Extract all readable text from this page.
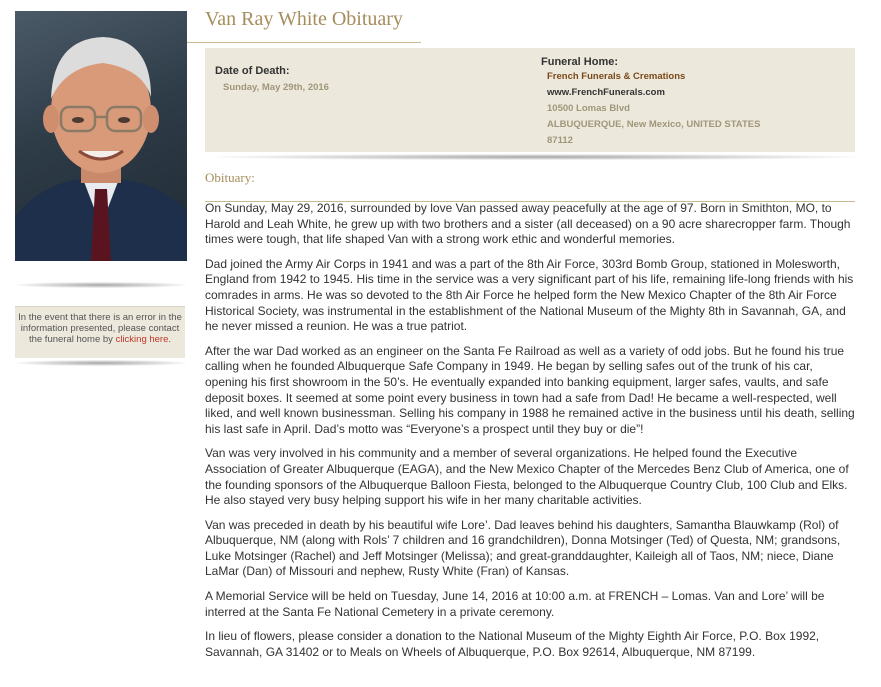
In the event that there is an error in the information presented, please contact the funeral home by clicking here.
Van Ray White Obituary
Date of Death:
Sunday, May 29th, 2016
Funeral Home:
French Funerals & Cremations
www.FrenchFunerals.com
10500 Lomas Blvd
ALBUQUERQUE, New Mexico, UNITED STATES
87112
Obituary:

On Sunday, May 29, 2016, surrounded by love Van passed away peacefully at the age of 97. Born in Smithton, MO, to Harold and Leah White, he grew up with two brothers and a sister (all deceased) on a 90 acre sharecropper farm. Though times were tough, that life shaped Van with a strong work ethic and wonderful memories.

Dad joined the Army Air Corps in 1941 and was a part of the 8th Air Force, 303rd Bomb Group, stationed in Molesworth, England from 1942 to 1945. His time in the service was a very significant part of his life, remaining life-long friends with his comrades in arms. He was so devoted to the 8th Air Force he helped form the New Mexico Chapter of the 8th Air Force Historical Society, was instrumental in the establishment of the National Museum of the Mighty 8th in Savannah, GA, and he never missed a reunion. He was a true patriot.

After the war Dad worked as an engineer on the Santa Fe Railroad as well as a variety of odd jobs. But he found his true calling when he founded Albuquerque Safe Company in 1949. He began by selling safes out of the trunk of his car, opening his first showroom in the 50’s. He eventually expanded into banking equipment, larger safes, vaults, and safe deposit boxes. It seemed at some point every business in town had a safe from Dad! He became a well-respected, well liked, and well known businessman. Selling his company in 1988 he remained active in the business until his death, selling his last safe in April. Dad’s motto was “Everyone’s a prospect until they buy or die”!

Van was very involved in his community and a member of several organizations. He helped found the Executive Association of Greater Albuquerque (EAGA), and the New Mexico Chapter of the Mercedes Benz Club of America, one of the founding sponsors of the Albuquerque Balloon Fiesta, belonged to the Albuquerque Country Club, 100 Club and Elks. He also stayed very busy helping support his wife in her many charitable activities.

Van was preceded in death by his beautiful wife Lore’. Dad leaves behind his daughters, Samantha Blauwkamp (Rol) of Albuquerque, NM (along with Rols’ 7 children and 16 grandchildren), Donna Motsinger (Ted) of Questa, NM; grandsons, Luke Motsinger (Rachel) and Jeff Motsinger (Melissa); and great-granddaughter, Kaileigh all of Taos, NM; niece, Diane LaMar (Dan) of Missouri and nephew, Rusty White (Fran) of Kansas.

A Memorial Service will be held on Tuesday, June 14, 2016 at 10:00 a.m. at FRENCH – Lomas. Van and Lore’ will be interred at the Santa Fe National Cemetery in a private ceremony.

In lieu of flowers, please consider a donation to the National Museum of the Mighty Eighth Air Force, P.O. Box 1992, Savannah, GA 31402 or to Meals on Wheels of Albuquerque, P.O. Box 92614, Albuquerque, NM 87199.
